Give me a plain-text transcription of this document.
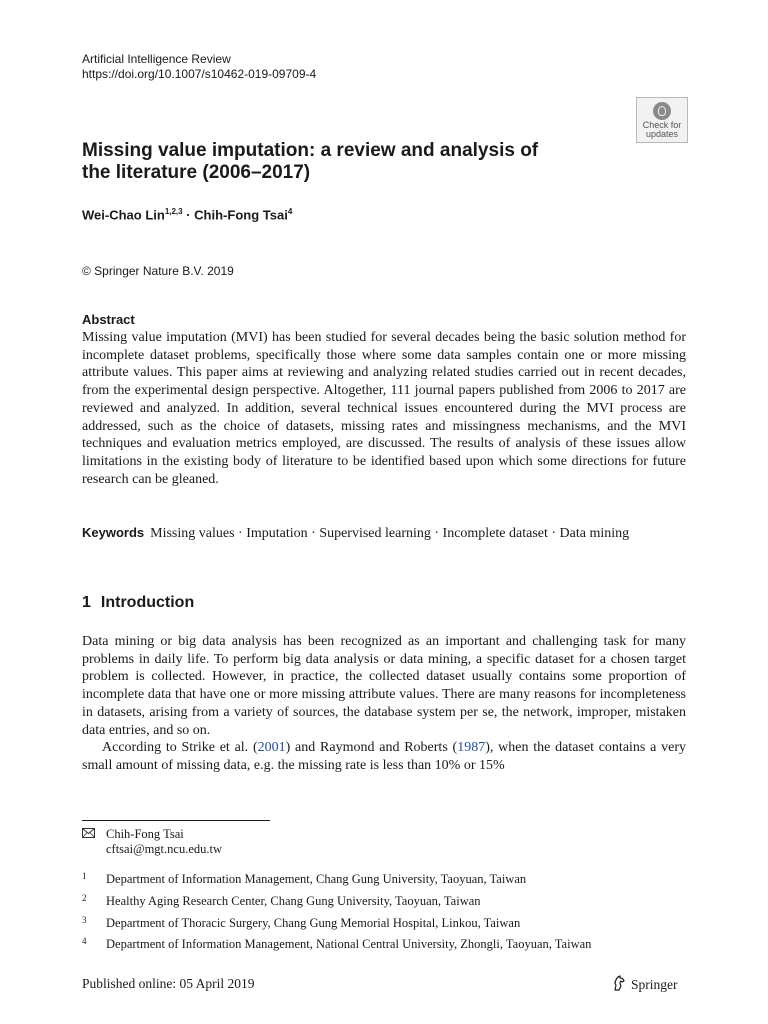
Artificial Intelligence Review
https://doi.org/10.1007/s10462-019-09709-4
Check for
updates
Missing value imputation: a review and analysis of the literature (2006–2017)
Wei-Chao Lin$^{1,2,3}$ · Chih-Fong Tsai$^4$
© Springer Nature B.V. 2019
Abstract
Missing value imputation (MVI) has been studied for several decades being the basic solution method for incomplete dataset problems, specifically those where some data samples contain one or more missing attribute values. This paper aims at reviewing and analyzing related studies carried out in recent decades, from the experimental design perspective. Altogether, 111 journal papers published from 2006 to 2017 are reviewed and analyzed. In addition, several technical issues encountered during the MVI process are addressed, such as the choice of datasets, missing rates and missingness mechanisms, and the MVI techniques and evaluation metrics employed, are discussed. The results of analysis of these issues allow limitations in the existing body of literature to be identified based upon which some directions for future research can be gleaned.
Keywords Missing values · Imputation · Supervised learning · Incomplete dataset · Data mining
1 Introduction
Data mining or big data analysis has been recognized as an important and challenging task for many problems in daily life. To perform big data analysis or data mining, a specific dataset for a chosen target problem is collected. However, in practice, the collected dataset usually contains some proportion of incomplete data that have one or more missing attribute values. There are many reasons for incompleteness in datasets, arising from a variety of sources, the database system per se, the network, improper, mistaken data entries, and so on.
According to Strike et al. (2001) and Raymond and Roberts (1987), when the dataset contains a very small amount of missing data, e.g. the missing rate is less than 10% or 15%
Chih-Fong Tsai
cftsai@mgt.ncu.edu.tw
1 Department of Information Management, Chang Gung University, Taoyuan, Taiwan
2 Healthy Aging Research Center, Chang Gung University, Taoyuan, Taiwan
3 Department of Thoracic Surgery, Chang Gung Memorial Hospital, Linkou, Taiwan
4 Department of Information Management, National Central University, Zhongli, Taoyuan, Taiwan
Published online: 05 April 2019	Springer
